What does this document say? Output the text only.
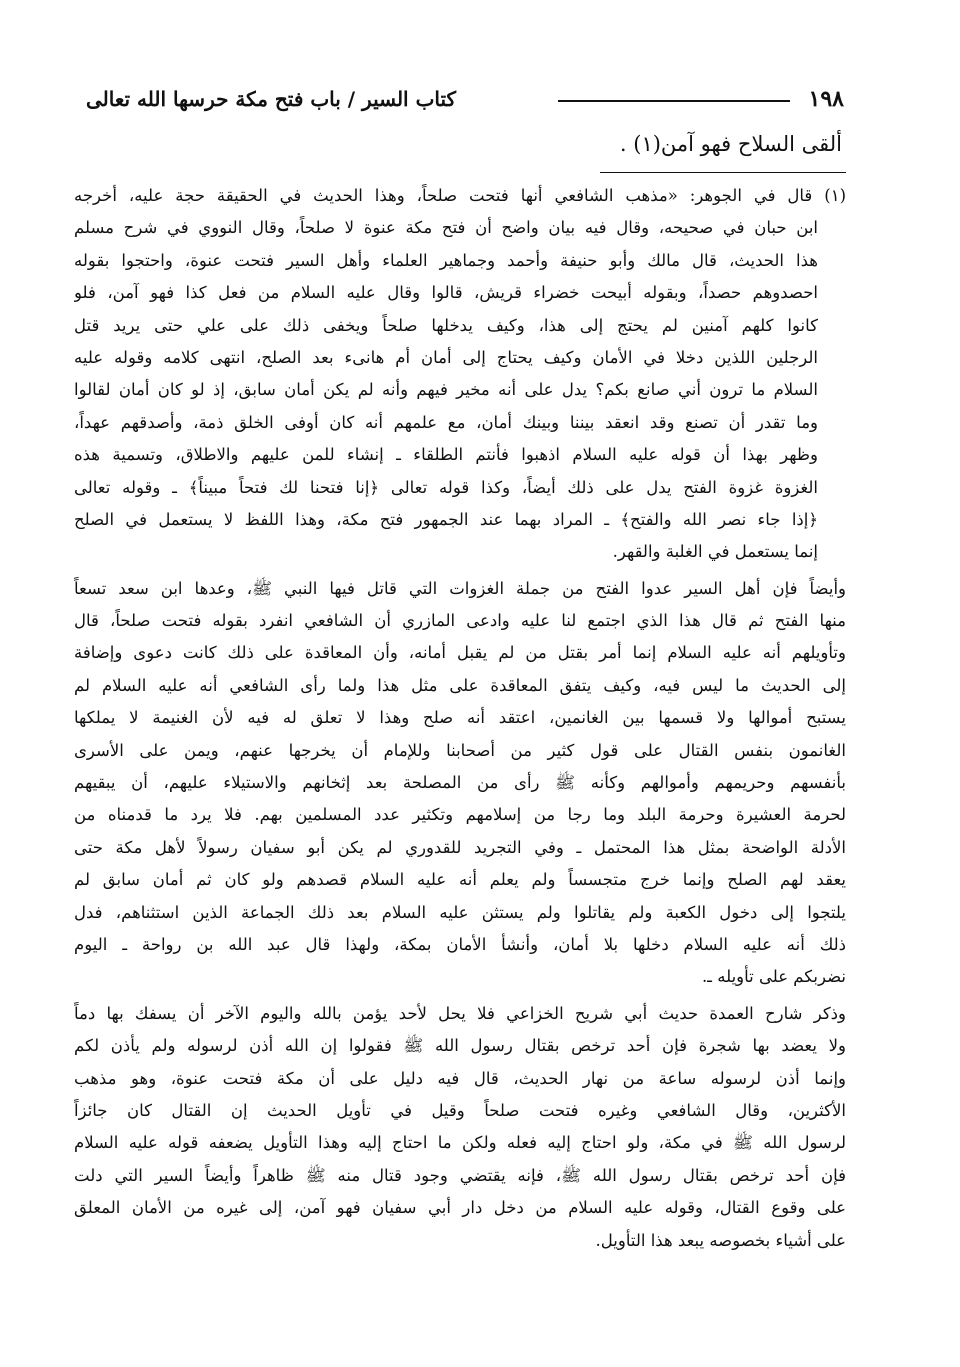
١٩٨
كتاب السير / باب فتح مكة حرسها الله تعالى
ألقى السلاح فهو آمن(١) .
(١) قال في الجوهر: «مذهب الشافعي أنها فتحت صلحاً، وهذا الحديث في الحقيقة حجة عليه، أخرجه
ابن حبان في صحيحه، وقال فيه بيان واضح أن فتح مكة عنوة لا صلحاً، وقال النووي في شرح مسلم
هذا الحديث، قال مالك وأبو حنيفة وأحمد وجماهير العلماء وأهل السير فتحت عنوة، واحتجوا بقوله
احصدوهم حصداً، وبقوله أبيحت خضراء قريش، قالوا وقال عليه السلام من فعل كذا فهو آمن، فلو
كانوا كلهم آمنين لم يحتج إلى هذا، وكيف يدخلها صلحاً ويخفى ذلك على علي حتى يريد قتل
الرجلين اللذين دخلا في الأمان وكيف يحتاج إلى أمان أم هانىء بعد الصلح، انتهى كلامه وقوله عليه
السلام ما ترون أني صانع بكم؟ يدل على أنه مخير فيهم وأنه لم يكن أمان سابق، إذ لو كان أمان لقالوا
وما تقدر أن تصنع وقد انعقد بيننا وبينك أمان، مع علمهم أنه كان أوفى الخلق ذمة، وأصدقهم عهداً،
وظهر بهذا أن قوله عليه السلام اذهبوا فأنتم الطلقاء ـ إنشاء للمن عليهم والاطلاق، وتسمية هذه
الغزوة غزوة الفتح يدل على ذلك أيضاً، وكذا قوله تعالى ﴿إنا فتحنا لك فتحاً مبيناً﴾ ـ وقوله تعالى
﴿إذا جاء نصر الله والفتح﴾ ـ المراد بهما عند الجمهور فتح مكة، وهذا اللفظ لا يستعمل في الصلح
إنما يستعمل في الغلبة والقهر.
وأيضاً فإن أهل السير عدوا الفتح من جملة الغزوات التي قاتل فيها النبي ﷺ، وعدها ابن سعد تسعاً
منها الفتح ثم قال هذا الذي اجتمع لنا عليه وادعى المازري أن الشافعي انفرد بقوله فتحت صلحاً، قال
وتأويلهم أنه عليه السلام إنما أمر بقتل من لم يقبل أمانه، وأن المعاقدة على ذلك كانت دعوى وإضافة
إلى الحديث ما ليس فيه، وكيف يتفق المعاقدة على مثل هذا ولما رأى الشافعي أنه عليه السلام لم
يستبح أموالها ولا قسمها بين الغانمين، اعتقد أنه صلح وهذا لا تعلق له فيه لأن الغنيمة لا يملكها
الغانمون بنفس القتال على قول كثير من أصحابنا وللإمام أن يخرجها عنهم، ويمن على الأسرى
بأنفسهم وحريمهم وأموالهم وكأنه ﷺ رأى من المصلحة بعد إثخانهم والاستيلاء عليهم، أن يبقيهم
لحرمة العشيرة وحرمة البلد وما رجا من إسلامهم وتكثير عدد المسلمين بهم. فلا يرد ما قدمناه من
الأدلة الواضحة بمثل هذا المحتمل ـ وفي التجريد للقدوري لم يكن أبو سفيان رسولاً لأهل مكة حتى
يعقد لهم الصلح وإنما خرج متجسساً ولم يعلم أنه عليه السلام قصدهم ولو كان ثم أمان سابق لم
يلتجوا إلى دخول الكعبة ولم يقاتلوا ولم يستثن عليه السلام بعد ذلك الجماعة الذين استثناهم، فدل
ذلك أنه عليه السلام دخلها بلا أمان، وأنشأ الأمان بمكة، ولهذا قال عبد الله بن رواحة ـ اليوم
نضربكم على تأويله ـ.
وذكر شارح العمدة حديث أبي شريح الخزاعي فلا يحل لأحد يؤمن بالله واليوم الآخر أن يسفك بها دماً
ولا يعضد بها شجرة فإن أحد ترخص بقتال رسول الله ﷺ فقولوا إن الله أذن لرسوله ولم يأذن لكم
وإنما أذن لرسوله ساعة من نهار الحديث، قال فيه دليل على أن مكة فتحت عنوة، وهو مذهب
الأكثرين، وقال الشافعي وغيره فتحت صلحاً وقيل في تأويل الحديث إن القتال كان جائزاً
لرسول الله ﷺ في مكة، ولو احتاج إليه فعله ولكن ما احتاج إليه وهذا التأويل يضعفه قوله عليه السلام
فإن أحد ترخص بقتال رسول الله ﷺ، فإنه يقتضي وجود قتال منه ﷺ ظاهراً وأيضاً السير التي دلت
على وقوع القتال، وقوله عليه السلام من دخل دار أبي سفيان فهو آمن، إلى غيره من الأمان المعلق
على أشياء بخصوصه يبعد هذا التأويل.
